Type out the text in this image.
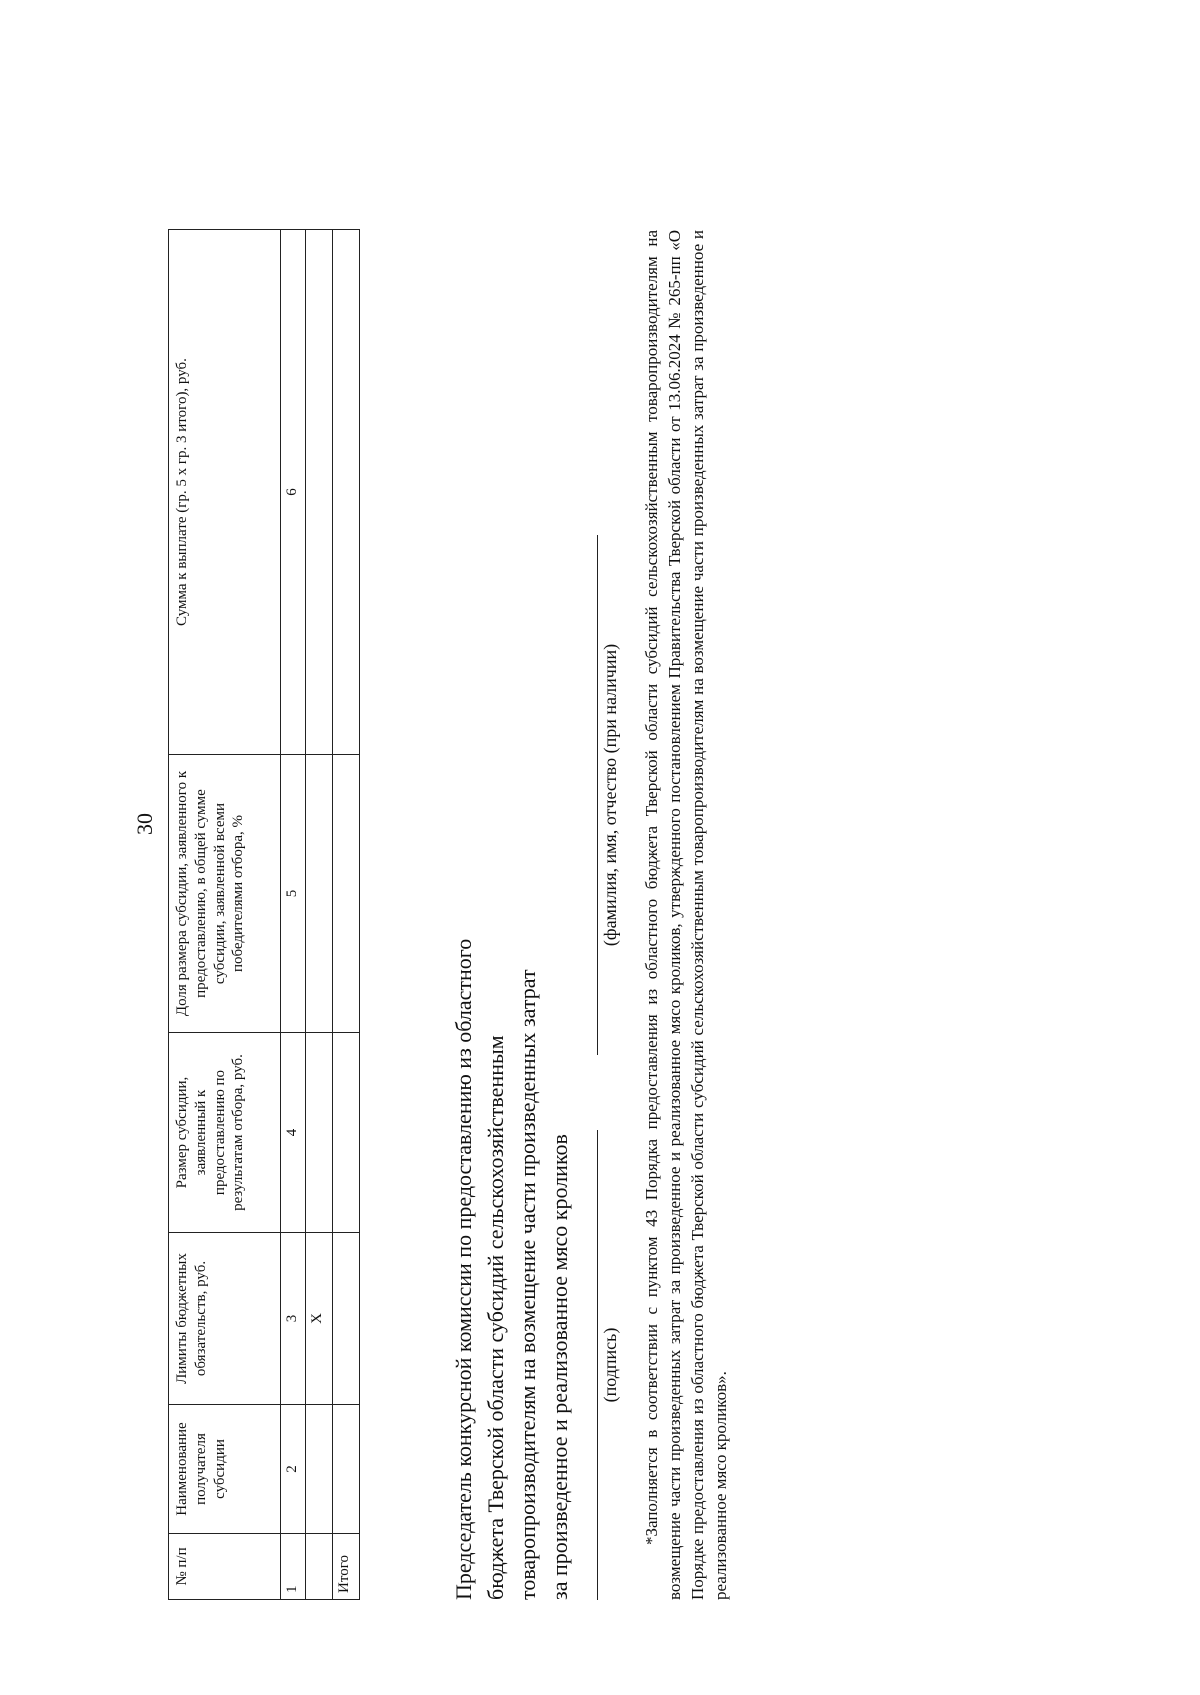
30
№ п/п	Наименование получателя субсидии	Лимиты бюджетных обязательств, руб.	Размер субсидии, заявленный к предоставлению по результатам отбора, руб.	Доля размера субсидии, заявленного к предоставлению, в общей сумме субсидии, заявленной всеми победителями отбора, %	Сумма к выплате (гр. 5 x гр. 3 итого), руб.
1	2	3	4	5	6
		X			
Итого						Председатель конкурсной комиссии по предоставлению из областного бюджета Тверской области субсидий сельскохозяйственным товаропроизводителям на возмещение части произведенных затрат за произведенное и реализованное мясо кроликов (подпись)
(фамилия, имя, отчество (при наличии) *Заполняется в соответствии с пунктом 43 Порядка предоставления из областного бюджета Тверской области субсидий сельскохозяйственным товаропроизводителям на возмещение части произведенных затрат за произведенное и реализованное мясо кроликов, утвержденного постановлением Правительства Тверской области от 13.06.2024 № 265-пп «О Порядке предоставления из областного бюджета Тверской области субсидий сельскохозяйственным товаропроизводителям на возмещение части произведенных затрат за произведенное и реализованное мясо кроликов».
